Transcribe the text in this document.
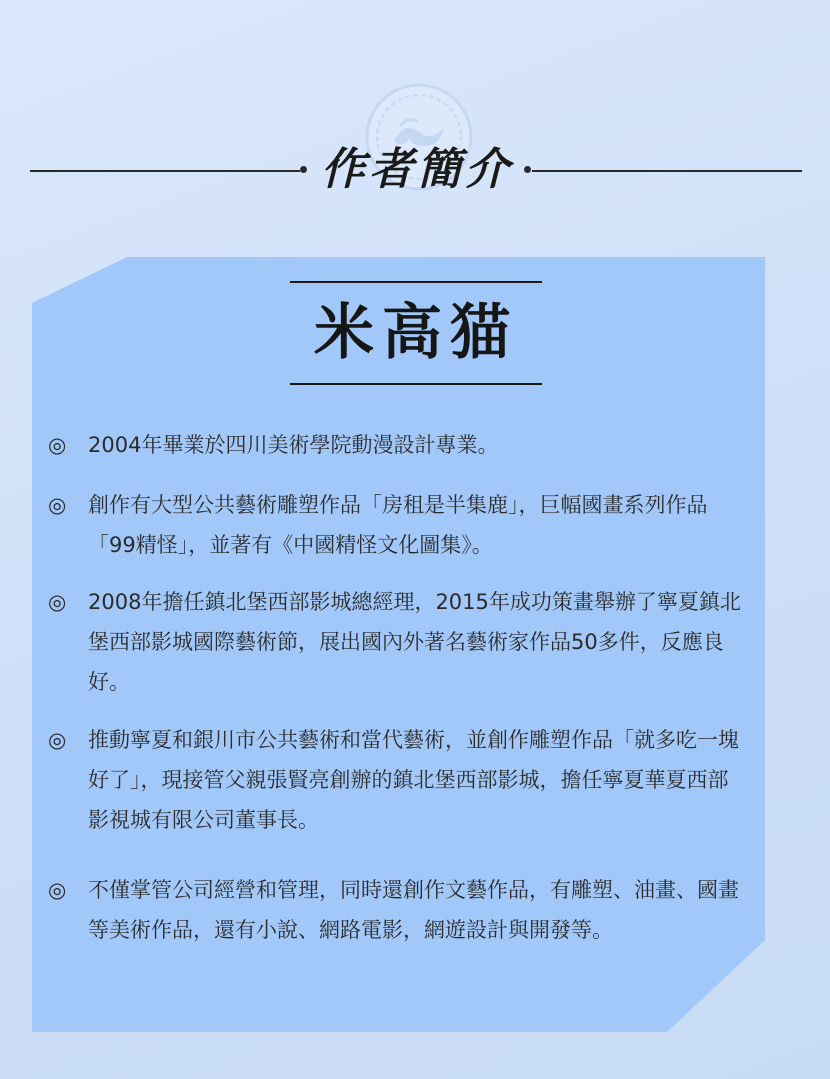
作者簡介
米高猫
◎ 2004年畢業於四川美術學院動漫設計專業。
◎ 創作有大型公共藝術雕塑作品「房租是半集鹿」，巨幅國畫系列作品「99精怪」，並著有《中國精怪文化圖集》。
◎ 2008年擔任鎮北堡西部影城總經理，2015年成功策畫舉辦了寧夏鎮北堡西部影城國際藝術節，展出國內外著名藝術家作品50多件，反應良好。
◎ 推動寧夏和銀川市公共藝術和當代藝術，並創作雕塑作品「就多吃一塊好了」，現接管父親張賢亮創辦的鎮北堡西部影城，擔任寧夏華夏西部影視城有限公司董事長。
◎ 不僅掌管公司經營和管理，同時還創作文藝作品，有雕塑、油畫、國畫等美術作品，還有小說、網路電影，網遊設計與開發等。
